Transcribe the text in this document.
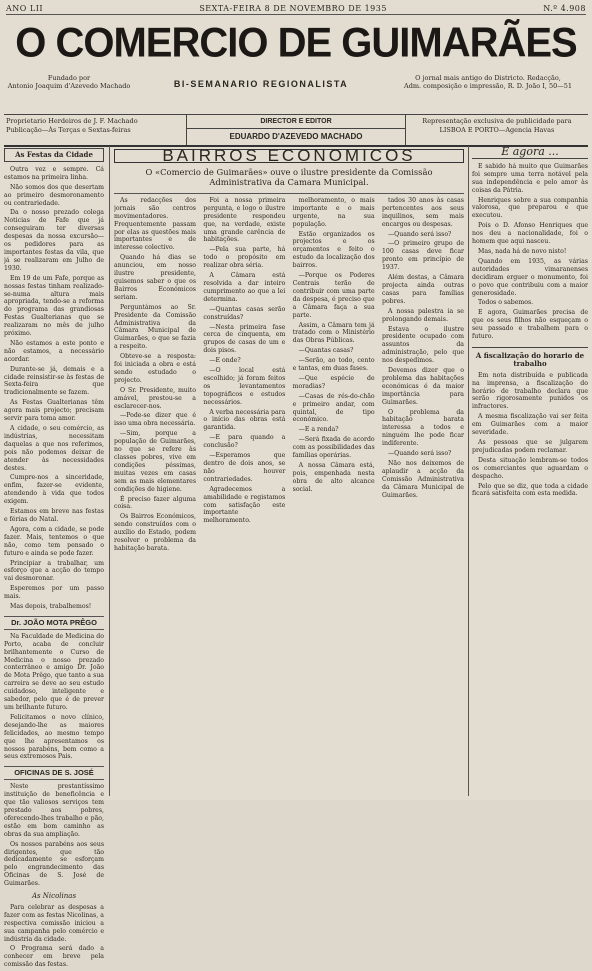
ANO LII	SEXTA-FEIRA 8 DE NOVEMBRO DE 1935	N.º 4.908
O COMERCIO DE GUIMARÃES
Fundado por
Antonio Joaquim d'Azevedo Machado	BI-SEMANARIO REGIONALISTA
O jornal mais antigo do Districto. Redacção,
Adm. composição e impressão, R. D. João I, 50—51
Proprietario Herdeiros de J. F. Machado
Publicação—Às Terças e Sextas-feiras
DIRECTOR E EDITOR
EDUARDO D'AZEVEDO MACHADO
Representação exclusiva de publicidade para
LISBOA E PORTO—Agencia Havas
As Festas da Cidade

Outra vez e sempre. Cá estamos na primeira linha.

Não somos dos que desertam ao primeiro desmoronamento ou contrariedade.

Da o nosso prezado colega Noticias de Fafe que já conseguiram ter diversas despesas da nossa excursão—os pedidores para as importantes festas da vila, que já se realizaram em Julho de 1930.

Em 19 de um Fafe, porque as nossas festas tinham realizado-se-numa altura mais apropriada, tendo-se a reforma do programa das grandiosas Festas Gualterianas que se realizaram no mês de julho próximo.

Não estamos a este ponto e não estamos, a necessário acordar.

Durante-se já, demais e a cidade reinsistir-se às festas de Sexta-feira que tradicionalmente se fazem.

As Festas Gualterianas têm agora mais projecto; precisam servir para toma amor.

A cidade, o seu comércio, as indústrias, necessitam daquelas a que nos referimos, pois não podemos deixar de atender às necessidades destes.

Cumpre-nos a sinceridade, enfim, fazer-se evidente, atendendo à vida que todos exigem.

Estamos em breve nas festas e férias do Natal.

Agora, com a cidade, se pode fazer. Mais, tentemos o que não, como tem pensado o futuro e ainda se pode fazer.

Principiar a trabalhar, um esforço que a acção do tempo vai desmoronar.

Esperemos por um passo mais.

Mas depois, trabalhemos!

Dr. JOÃO MOTA PRÊGO

Na Faculdade de Medicina do Porto, acaba de concluir brilhantemente o Curso de Medicina o nosso prezado conterrâneo e amigo Dr. João de Mota Prêgo, que tanto a sua carreira se deve ao seu estudo cuidadoso, inteligente e sabedor, pelo que é de prever um brilhante futuro.

Felicitamos o novo clínico, desejando-lhe as maiores felicidades, ao mesmo tempo que lhe apresentamos os nossos parabéns, bem como a seus extremosos Pais.

OFICINAS DE S. JOSÉ

Neste prestantíssimo instituição de beneficência e que tão valiosos serviços tem prestado aos pobres, oferecendo-lhes trabalho e pão, estão em bom caminho as obras da sua ampliação.

Os nossos parabéns aos seus dirigentes, que tão dedicadamente se esforçam pelo engrandecimento das Oficinas de S. José de Guimarães.

As Nicolinas

Para celebrar as despesas a fazer com as festas Nicolinas, a respectiva comissão iniciou a sua campanha pelo comércio e indústria da cidade.

O Programa será dado a conhecer em breve pela comissão das festas.

BAIRROS ECONOMICOS
O «Comercio de Guimarães» ouve o ilustre presidente da Comissão Administrativa da Camara Municipal.

As redacções dos jornais são centros movimentadores. Frequentemente passam por elas as questões mais importantes e de interesse colectivo.

Quando há dias se anunciou, em nosso ilustre presidente, quisemos saber o que os Bairros Económicos seriam.

Perguntámos ao Sr. Presidente da Comissão Administrativa da Câmara Municipal de Guimarães, o que se fazia a respeito.

Obteve-se a resposta: foi iniciada a obra e está sendo estudado o projecto.

O Sr. Presidente, muito amável, prestou-se a esclarecer-nos.

—Pode-se dizer que é isso uma obra necessária.

—Sim, porque a população de Guimarães, no que se refere às classes pobres, vive em condições péssimas, muitas vezes em casas sem as mais elementares condições de higiene.

É preciso fazer alguma coisa.

Os Bairros Económicos, sendo construídos com o auxílio do Estado, podem resolver o problema da habitação barata.

Foi a nossa primeira pergunta, e logo o ilustre presidente respondeu que, na verdade, existe uma grande carência de habitações.

—Pela sua parte, há todo o propósito em realizar obra séria.

A Câmara está resolvida a dar inteiro cumprimento ao que a lei determina.

—Quantas casas serão construídas?

—Nesta primeira fase cerca de cinquenta, em grupos de casas de um e dois pisos.

—E onde?

—O local está escolhido; já foram feitos os levantamentos topográficos e estudos necessários.

A verba necessária para o início das obras está garantida.

—E para quando a conclusão?

—Esperamos que dentro de dois anos, se não houver contrariedades.

Agradecemos a amabilidade e registamos com satisfação este importante melhoramento.

melhoramento, o mais importante e o mais urgente, na sua população.

Estão organizados os projectos e os orçamentos e feito o estudo da localização dos bairros.

—Porque os Poderes Centrais terão de contribuir com uma parte da despesa, é preciso que a Câmara faça a sua parte.

Assim, a Câmara tem já tratado com o Ministério das Obras Públicas.

—Quantas casas?

—Serão, ao todo, cento e tantas, em duas fases.

—Que espécie de moradias?

—Casas de rés-do-chão e primeiro andar, com quintal, de tipo económico.

—E a renda?

—Será fixada de acordo com as possibilidades das famílias operárias.

A nossa Câmara está, pois, empenhada nesta obra de alto alcance social.

tados 30 anos às casas pertencentes aos seus inquilinos, sem mais encargos ou despesas.

—Quando será isso?

—O primeiro grupo de 100 casas deve ficar pronto em princípio de 1937.

Além destas, a Câmara projecta ainda outras casas para famílias pobres.

A nossa palestra ia se prolongando demais.

Estava o ilustre presidente ocupado com assuntos da administração, pelo que nos despedimos.

Devemos dizer que o problema das habitações económicas é da maior importância para Guimarães.

O problema da habitação barata interessa a todos e ninguém lhe pode ficar indiferente.

—Quando será isso?

Não nos deixemos de aplaudir a acção da Comissão Administrativa da Câmara Municipal de Guimarães.

E agora ...

E sabido há muito que Guimarães foi sempre uma terra notável pela sua independência e pelo amor às coisas da Pátria.

Henriques sobre a sua companhia valorosa, que preparou e que executou.

Pois o D. Afonso Henriques que nos deu a nacionalidade, foi o homem que aqui nasceu.

Mas, nada há de novo nisto!

Quando em 1935, as várias autoridades vimaranenses decidiram erguer o monumento, foi o povo que contribuiu com a maior generosidade.

Todos o sabemos.

E agora, Guimarães precisa de que os seus filhos não esqueçam o seu passado e trabalhem para o futuro.

A fiscalização do horario de trabalho

Em nota distribuída e publicada na imprensa, a fiscalização do horário de trabalho declara que serão rigorosamente punidos os infractores.

A mesma fiscalização vai ser feita em Guimarães com a maior severidade.

As pessoas que se julgarem prejudicadas podem reclamar.

Desta situação lembram-se todos os comerciantes que aguardam o despacho.

Pelo que se diz, que toda a cidade ficará satisfeita com esta medida.
